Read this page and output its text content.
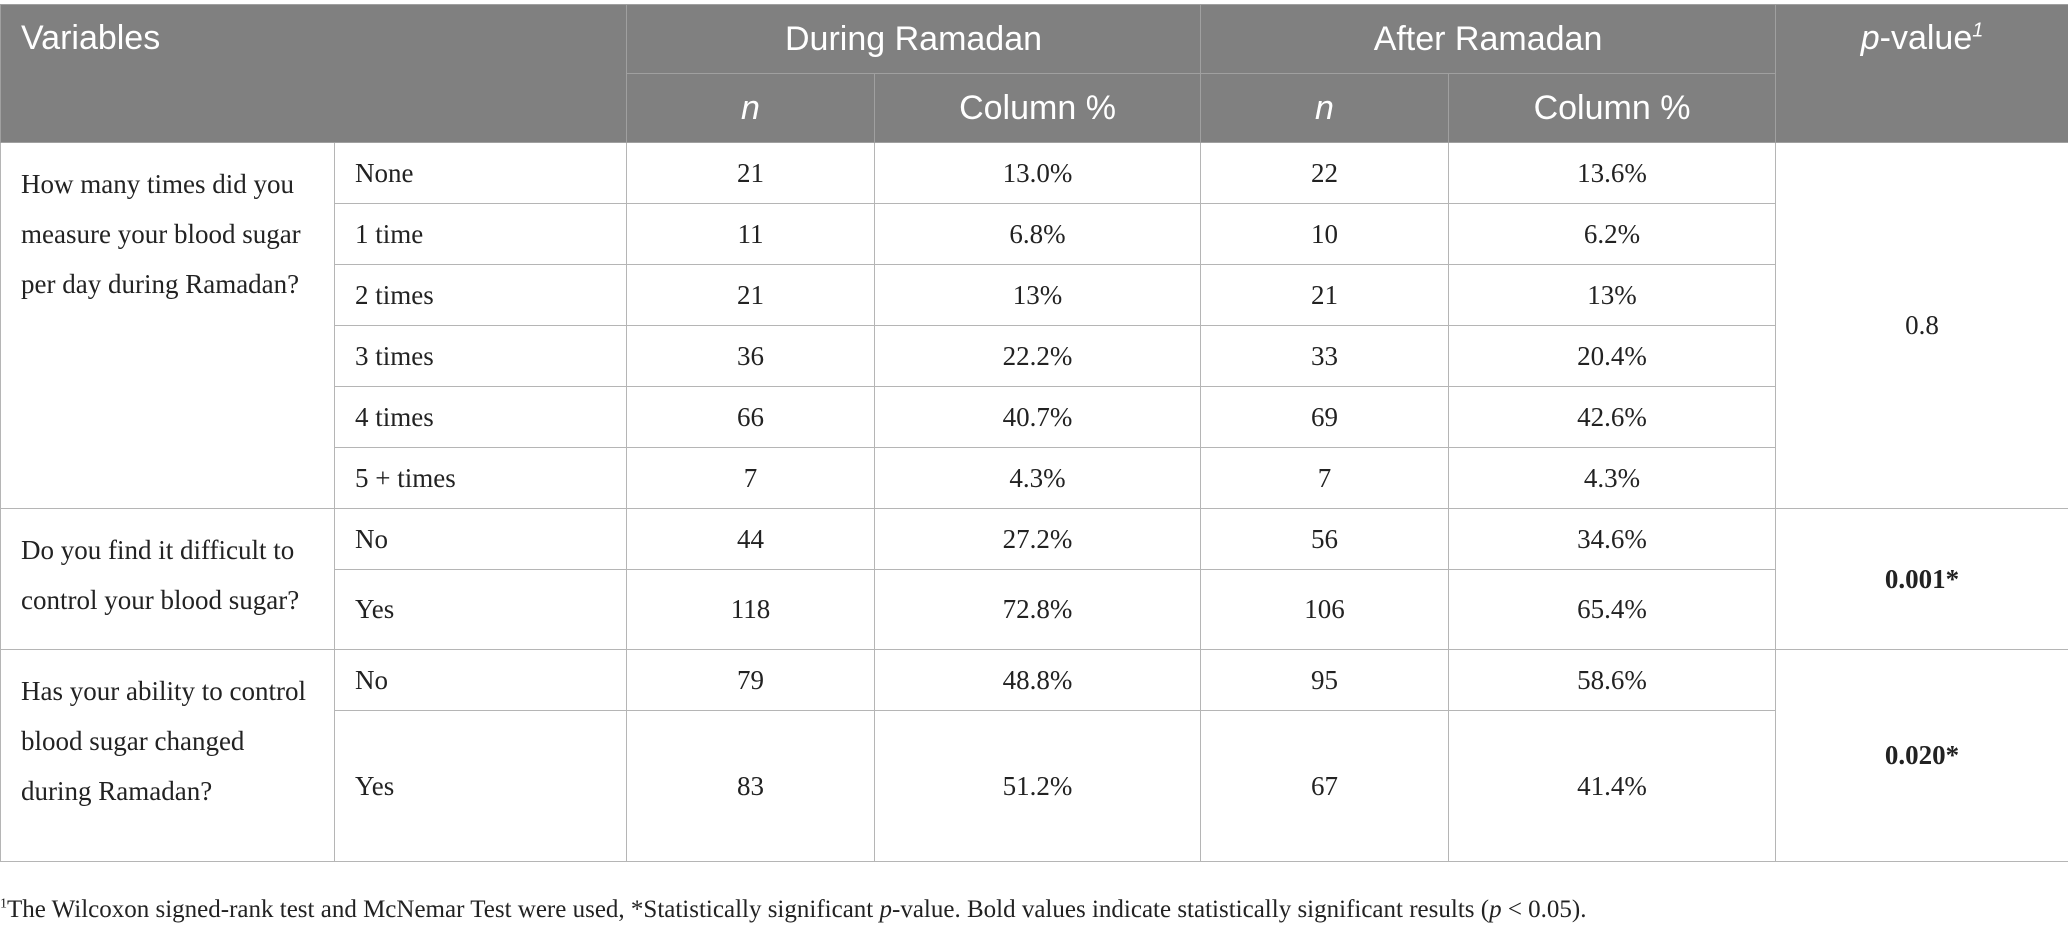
Variables		During Ramadan		After Ramadan		p-value$^1$
		n	Column %	n	Column %	
How many times did you measure your blood sugar per day during Ramadan?	None	21	13.0%	22	13.6%	0.8
	1 time	11	6.8%	10	6.2%	
	2 times	21	13%	21	13%	
	3 times	36	22.2%	33	20.4%	
	4 times	66	40.7%	69	42.6%	
	5 + times	7	4.3%	7	4.3%	
Do you find it difficult to control your blood sugar?	No	44	27.2%	56	34.6%	0.001*
	Yes	118	72.8%	106	65.4%	
Has your ability to control blood sugar changed during Ramadan?	No	79	48.8%	95	58.6%	0.020*
	Yes	83	51.2%	67	41.4%	
$^1$The Wilcoxon signed-rank test and McNemar Test were used, *Statistically significant p-value. Bold values indicate statistically significant results (p < 0.05).
